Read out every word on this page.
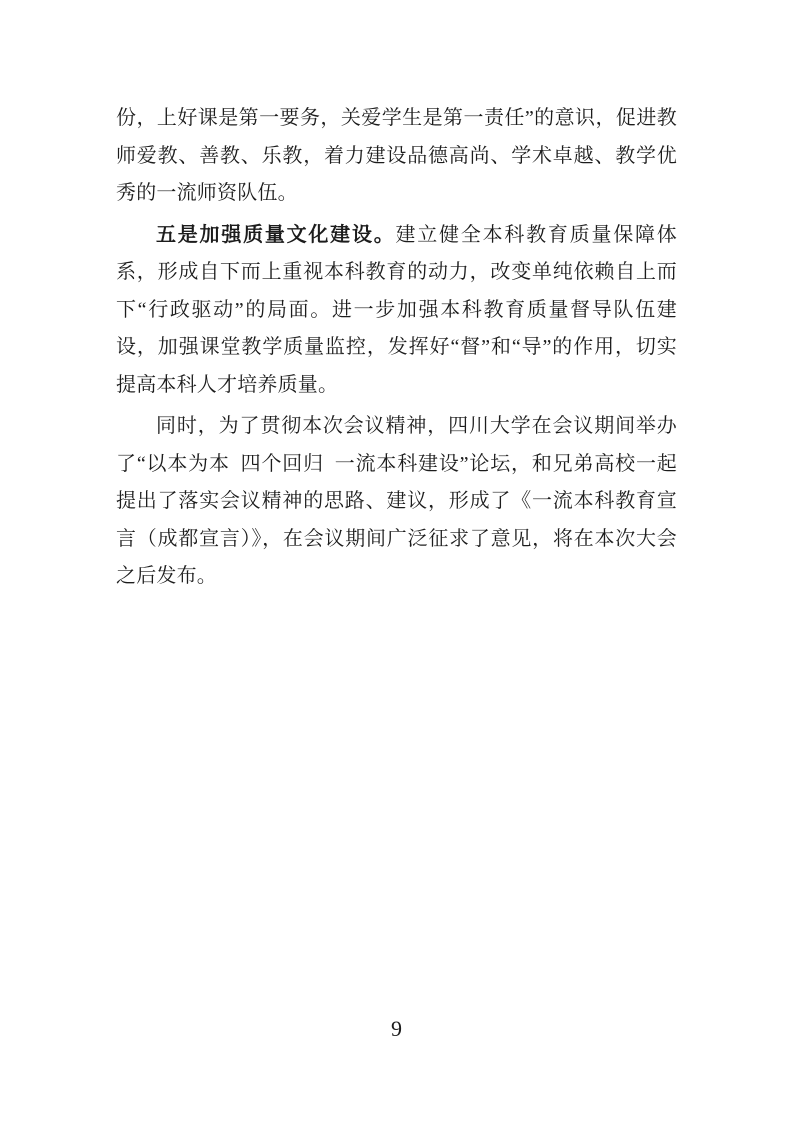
份，上好课是第一要务，关爱学生是第一责任”的意识，促进教师爱教、善教、乐教，着力建设品德高尚、学术卓越、教学优秀的一流师资队伍。

五是加强质量文化建设。建立健全本科教育质量保障体系，形成自下而上重视本科教育的动力，改变单纯依赖自上而下“行政驱动”的局面。进一步加强本科教育质量督导队伍建设，加强课堂教学质量监控，发挥好“督”和“导”的作用，切实提高本科人才培养质量。

同时，为了贯彻本次会议精神，四川大学在会议期间举办了“以本为本 四个回归 一流本科建设”论坛，和兄弟高校一起提出了落实会议精神的思路、建议，形成了《一流本科教育宣言（成都宣言）》，在会议期间广泛征求了意见，将在本次大会之后发布。

9
